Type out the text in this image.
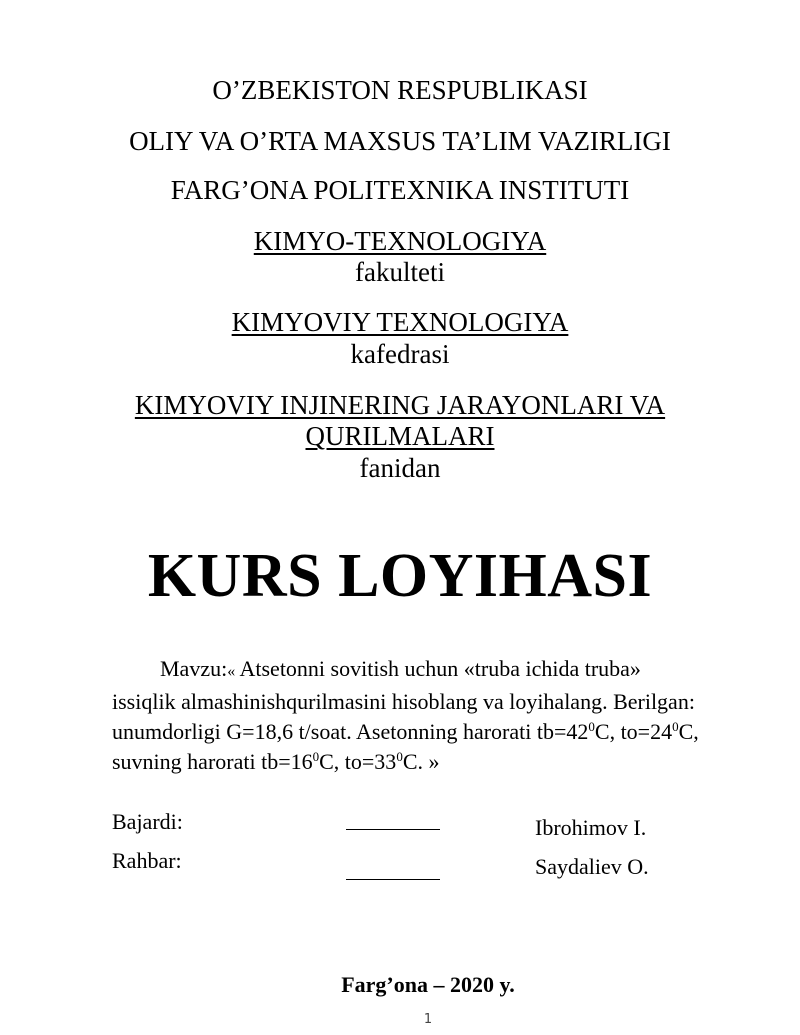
O’ZBEKISTON RESPUBLIKASI
OLIY VA O’RTA MAXSUS TA’LIM VAZIRLIGI
FARG’ONA POLITEXNIKA INSTITUTI
KIMYO-TEXNOLOGIYA
fakulteti
KIMYOVIY TEXNOLOGIYA
kafedrasi
KIMYOVIY INJINERING JARAYONLARI VA
QURILMALARI
fanidan
KURS LOYIHASI
Mavzu:« Atsetonni sovitish uchun «truba ichida truba»
issiqlik almashinishqurilmasini hisoblang va loyihalang. Berilgan:
unumdorligi G=18,6 t/soat. Asetonning harorati $tb=42^0C$, $to=24^0C$,
suvning harorati $tb=16^0C$, $to=33^0C$. »
Bajardi:	Ibrohimov I.
Rahbar:	Saydaliev O.
Farg’ona – 2020 y.
1
